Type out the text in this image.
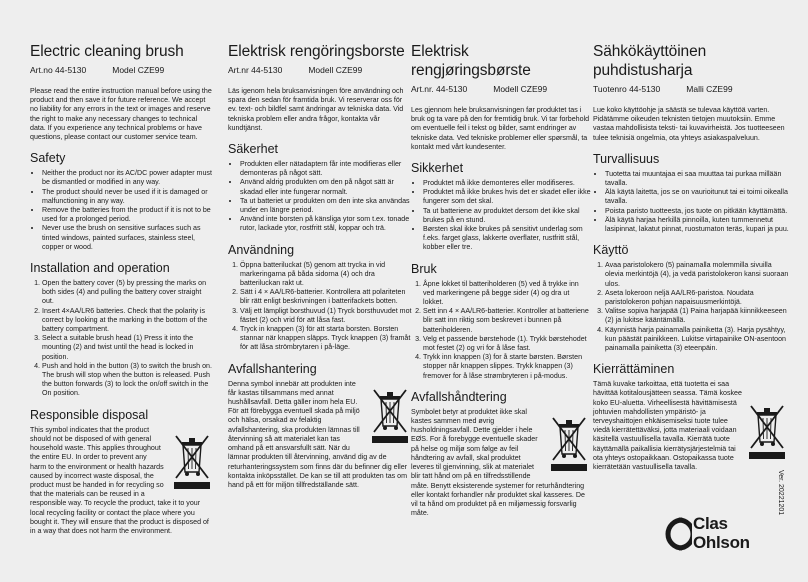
Electric cleaning brush
Art.no 44-5130	Model CZE99

Please read the entire instruction manual before using the product and then save it for future reference. We accept no liability for any errors in the text or images and reserve the right to make any necessary changes to technical data. If you experience any technical problems or have questions, please contact our customer service team.

Safety
• Neither the product nor its AC/DC power adapter must be dismantled or modified in any way.
• The product should never be used if it is damaged or malfunctioning in any way.
• Remove the batteries from the product if it is not to be used for a prolonged period.
• Never use the brush on sensitive surfaces such as tinted windows, painted surfaces, stainless steel, copper or wood.
Installation and operation
1. Open the battery cover (5) by pressing the marks on both sides (4) and pulling the battery cover straight out.
2. Insert 4×AA/LR6 batteries. Check that the polarity is correct by looking at the marking in the bottom of the battery compartment.
3. Select a suitable brush head (1) Press it into the mounting (2) and twist until the head is locked in position.
4. Push and hold in the button (3) to switch the brush on. The brush will stop when the button is released. Push the button forwards (3) to lock the on/off switch in the On position.
Responsible disposal
This symbol indicates that the product should not be disposed of with general household waste. This applies throughout the entire EU. In order to prevent any harm to the environment or health hazards caused by incorrect waste disposal, the product must be handed in for recycling so that the materials can be reused in a responsible way. To recycle the product, take it to your local recycling facility or contact the place where you bought it. They will ensure that the product is disposed of in a way that does not harm the environment.
Elektrisk rengöringsborste
Art.nr 44-5130	Modell CZE99

Läs igenom hela bruksanvisningen före användning och spara den sedan för framtida bruk. Vi reserverar oss för ev. text- och bildfel samt ändringar av tekniska data. Vid tekniska problem eller andra frågor, kontakta vår kundtjänst.

Säkerhet
• Produkten eller nätadaptern får inte modifieras eller demonteras på något sätt.
• Använd aldrig produkten om den på något sätt är skadad eller inte fungerar normalt.
• Ta ut batteriet ur produkten om den inte ska användas under en längre period.
• Använd inte borsten på känsliga ytor som t.ex. tonade rutor, lackade ytor, rostfritt stål, koppar och trä.
Användning
1. Öppna batteriluckat (5) genom att trycka in vid markeringarna på båda sidorna (4) och dra batteriluckan rakt ut.
2. Sätt i 4 × AA/LR6-batterier. Kontrollera att polariteten blir rätt enligt beskrivningen i batterifackets botten.
3. Välj ett lämpligt borsthuvud (1) Tryck borsthuvudet mot fästet (2) och vrid för att låsa fast.
4. Tryck in knappen (3) för att starta borsten. Borsten stannar när knappen släpps. Tryck knappen (3) framåt för att låsa strömbrytaren i på-läge.
Avfallshantering
Denna symbol innebär att produkten inte får kastas tillsammans med annat hushållsavfall. Detta gäller inom hela EU. För att förebygga eventuell skada på miljö och hälsa, orsakad av felaktig avfallshantering, ska produkten lämnas till återvinning så att materialet kan tas omhand på ett ansvarsfullt sätt. När du lämnar produkten till återvinning, använd dig av de returhanteringssystem som finns där du befinner dig eller kontakta inköpsstället. De kan se till att produkten tas om hand på ett för miljön tillfredställande sätt.
Elektrisk rengjøringsbørste
Art.nr. 44-5130	Modell CZE99

Les gjennom hele bruksanvisningen før produktet tas i bruk og ta vare på den for fremtidig bruk. Vi tar forbehold om eventuelle feil i tekst og bilder, samt endringer av tekniske data. Ved tekniske problemer eller spørsmål, ta kontakt med vårt kundesenter.

Sikkerhet
• Produktet må ikke demonteres eller modifiseres.
• Produktet må ikke brukes hvis det er skadet eller ikke fungerer som det skal.
• Ta ut batteriene av produktet dersom det ikke skal brukes på en stund.
• Børsten skal ikke brukes på sensitivt underlag som f.eks. farget glass, lakkerte overflater, rustfritt stål, kobber eller tre.
Bruk
1. Åpne lokket til batteriholderen (5) ved å trykke inn ved markeringene på begge sider (4) og dra ut lokket.
2. Sett inn 4 × AA/LR6-batterier. Kontroller at batteriene blir satt inn riktig som beskrevet i bunnen på batteriholderen.
3. Velg et passende børstehode (1). Trykk børstehodet mot festet (2) og vri for å låse fast.
4. Trykk inn knappen (3) for å starte børsten. Børsten stopper når knappen slippes. Trykk knappen (3) fremover for å låse strømbryteren i på-modus.
Avfallshåndtering
Symbolet betyr at produktet ikke skal kastes sammen med øvrig husholdningsavfall. Dette gjelder i hele EØS. For å forebygge eventuelle skader på helse og miljø som følge av feil håndtering av avfall, skal produktet leveres til gjenvinning, slik at materialet blir tatt hånd om på en tilfredsstillende måte. Benytt eksisterende systemer for returhåndtering eller kontakt forhandler når produktet skal kasseres. De vil ta hånd om produktet på en miljømessig forsvarlig måte.
Sähkökäyttöinen puhdistusharja
Tuotenro 44-5130	Malli CZE99

Lue koko käyttöohje ja säästä se tulevaa käyttöä varten. Pidätämme oikeuden teknisten tietojen muutoksiin. Emme vastaa mahdollisista teksti- tai kuvavirheistä. Jos tuotteeseen tulee teknisiä ongelmia, ota yhteys asiakaspalveluun.

Turvallisuus
• Tuotetta tai muuntajaa ei saa muuttaa tai purkaa millään tavalla.
• Älä käytä laitetta, jos se on vaurioitunut tai ei toimi oikealla tavalla.
• Poista paristo tuotteesta, jos tuote on pitkään käyttämättä.
• Älä käytä harjaa herkillä pinnoilla, kuten tummennetut lasipinnat, lakatut pinnat, ruostumaton teräs, kupari ja puu.
Käyttö
1. Avaa paristolokero (5) painamalla molemmilla sivuilla olevia merkintöjä (4), ja vedä paristolokeron kansi suoraan ulos.
2. Aseta lokeroon neljä AA/LR6-paristoa. Noudata paristolokeron pohjan napaisuusmerkintöjä.
3. Valitse sopiva harjapää (1) Paina harjapää kiinnikkeeseen (2) ja lukitse kääntämällä.
4. Käynnistä harja painamalla painiketta (3). Harja pysähtyy, kun päästät painikkeen. Lukitse virtapainike ON-asentoon painamalla painiketta (3) eteenpäin.
Kierrättäminen
Tämä kuvake tarkoittaa, että tuotetta ei saa hävittää kotitalousjätteen seassa. Tämä koskee koko EU-aluetta. Virheellisestä hävittämisestä johtuvien mahdollisten ympäristö- ja terveyshaittojen ehkäisemiseksi tuote tulee viedä kierrätettäväksi, jotta materiaali voidaan käsitellä vastuullisella tavalla. Kierrätä tuote käyttämällä paikallisia kierrätysjärjestelmiä tai ota yhteys ostopaikkaan. Ostopaikassa tuote kierrätetään vastuullisella tavalla.
Clas
Ohlson
Ver. 20221201
